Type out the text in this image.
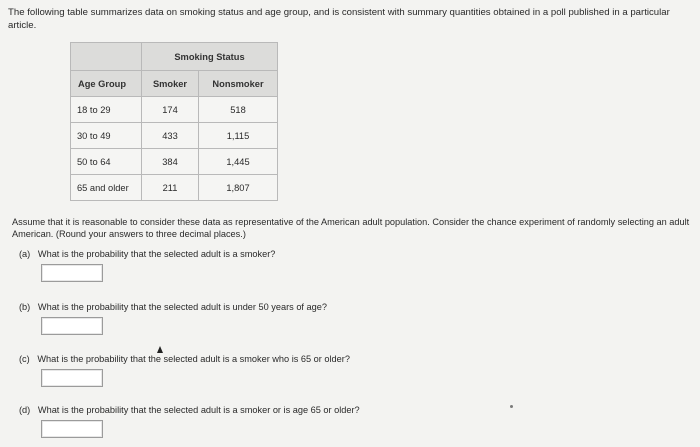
The following table summarizes data on smoking status and age group, and is consistent with summary quantities obtained in a poll published in a particular article.
	Smoking Status	
Age Group	Smoker	Nonsmoker
18 to 29	174	518
30 to 49	433	1,115
50 to 64	384	1,445
65 and older	211	1,807
Assume that it is reasonable to consider these data as representative of the American adult population. Consider the chance experiment of randomly selecting an adult American. (Round your answers to three decimal places.)
(a) What is the probability that the selected adult is a smoker?
(b) What is the probability that the selected adult is under 50 years of age?
(c) What is the probability that the selected adult is a smoker who is 65 or older?
(d) What is the probability that the selected adult is a smoker or is age 65 or older?
